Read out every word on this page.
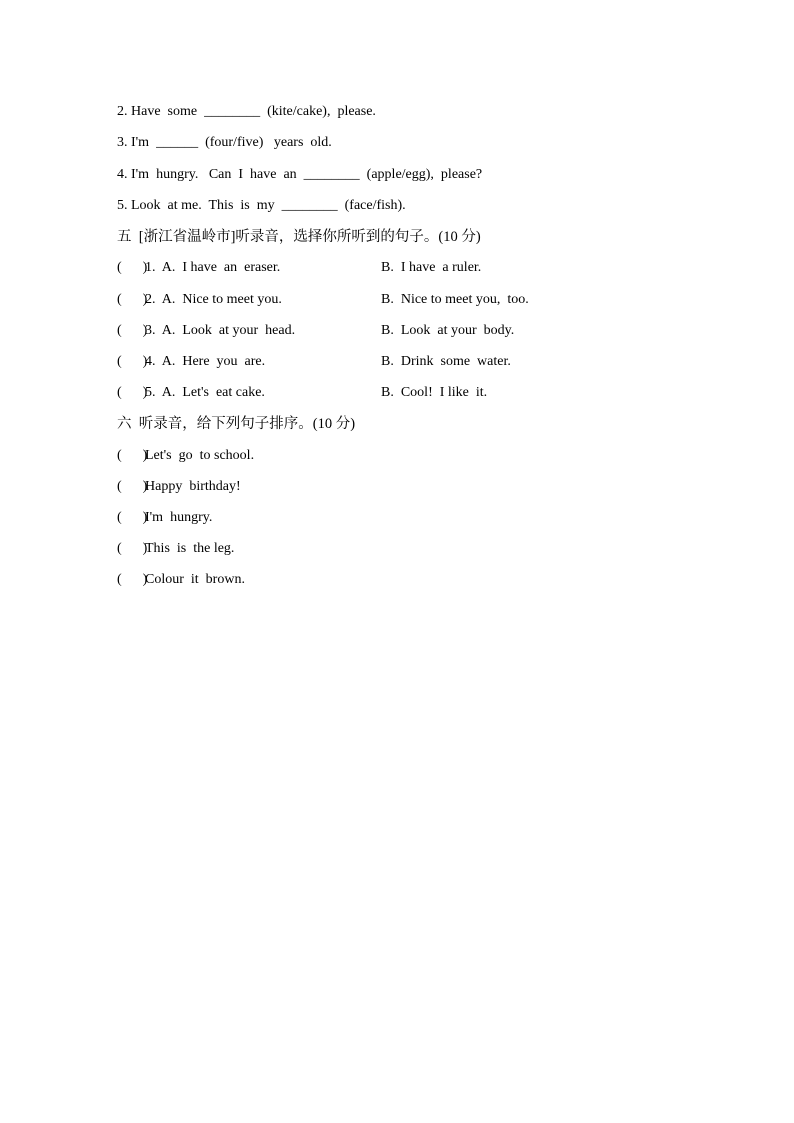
2. Have  some  ________  (kite/cake),  please.
3. I'm  ______  (four/five)   years  old.
4. I'm  hungry.   Can  I  have  an  ________  (apple/egg),  please?
5. Look  at me.  This  is  my  ________  (face/fish).
五  [浙江省温岭市]听录音，选择你所听到的句子。(10 分)

(      )

1.  A.  I have  an  eraser.

	B.  I have  a ruler.

(      )

2.  A.  Nice to meet you.

	B.  Nice to meet you,  too.

(      )

3.  A.  Look  at your  head.

	B.  Look  at your  body.

(      )

4.  A.  Here  you  are.

	B.  Drink  some  water.

(      )

5.  A.  Let's  eat cake.

	B.  Cool!  I like  it.

六  听录音，给下列句子排序。(10 分)

(      )

Let's  go  to school.

(      )

Happy  birthday!

(      )

I'm  hungry.

(      )

This  is  the leg.

(      )

Colour  it  brown.
